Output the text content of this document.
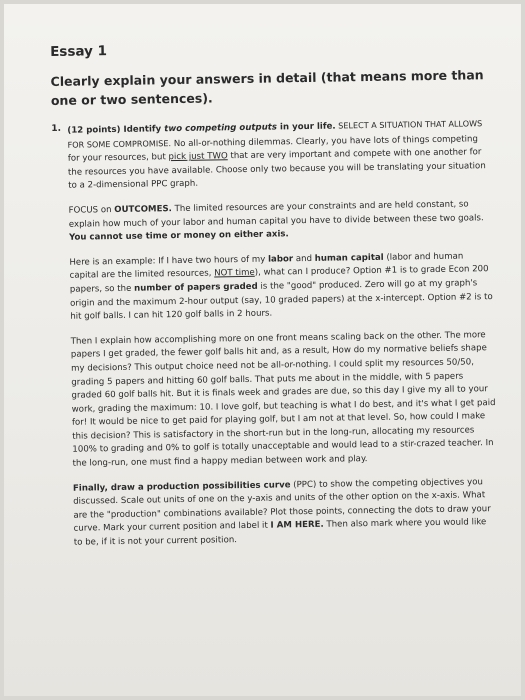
Essay 1
Clearly explain your answers in detail (that means more than one or two sentences).
1. (12 points) Identify two competing outputs in your life. SELECT A SITUATION THAT ALLOWS FOR SOME COMPROMISE. No all-or-nothing dilemmas. Clearly, you have lots of things competing for your resources, but pick just TWO that are very important and compete with one another for the resources you have available. Choose only two because you will be translating your situation to a 2-dimensional PPC graph.

FOCUS on OUTCOMES. The limited resources are your constraints and are held constant, so explain how much of your labor and human capital you have to divide between these two goals. You cannot use time or money on either axis.

Here is an example: If I have two hours of my labor and human capital (labor and human capital are the limited resources, NOT time), what can I produce? Option #1 is to grade Econ 200 papers, so the number of papers graded is the "good" produced. Zero will go at my graph's origin and the maximum 2-hour output (say, 10 graded papers) at the x-intercept. Option #2 is to hit golf balls. I can hit 120 golf balls in 2 hours.

Then I explain how accomplishing more on one front means scaling back on the other. The more papers I get graded, the fewer golf balls hit and, as a result, How do my normative beliefs shape my decisions? This output choice need not be all-or-nothing. I could split my resources 50/50, grading 5 papers and hitting 60 golf balls. That puts me about in the middle, with 5 papers graded 60 golf balls hit. But it is finals week and grades are due, so this day I give my all to your work, grading the maximum: 10. I love golf, but teaching is what I do best, and it's what I get paid for! It would be nice to get paid for playing golf, but I am not at that level. So, how could I make this decision? This is satisfactory in the short-run but in the long-run, allocating my resources 100% to grading and 0% to golf is totally unacceptable and would lead to a stir-crazed teacher. In the long-run, one must find a happy median between work and play.

Finally, draw a production possibilities curve (PPC) to show the competing objectives you discussed. Scale out units of one on the y-axis and units of the other option on the x-axis. What are the "production" combinations available? Plot those points, connecting the dots to draw your curve. Mark your current position and label it I AM HERE. Then also mark where you would like to be, if it is not your current position.
